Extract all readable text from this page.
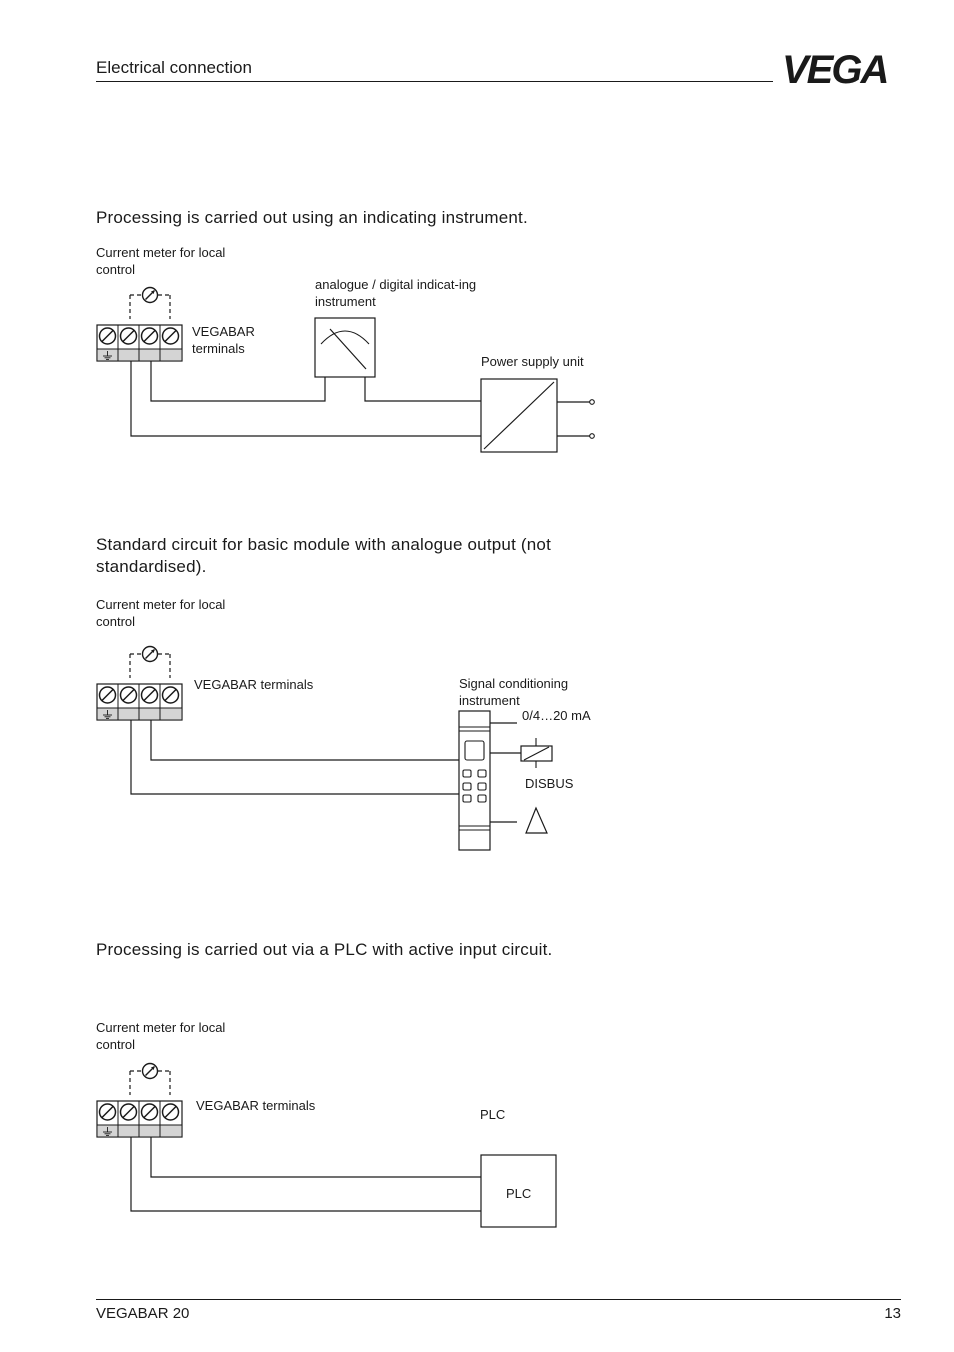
Electrical connection	VEGA
Processing is carried out using an indicating instrument.
Current meter for local control
VEGABAR terminals
analogue / digital indicat-ing instrument
Power supply unit
Standard circuit for basic module with analogue output (not standardised).
Current meter for local control
VEGABAR terminals	Signal conditioning instrument
0/4…20 mA
DISBUS
Processing is carried out via a PLC with active input circuit.
Current meter for local control
VEGABAR terminals
PLC
PLC
VEGABAR 20	13
